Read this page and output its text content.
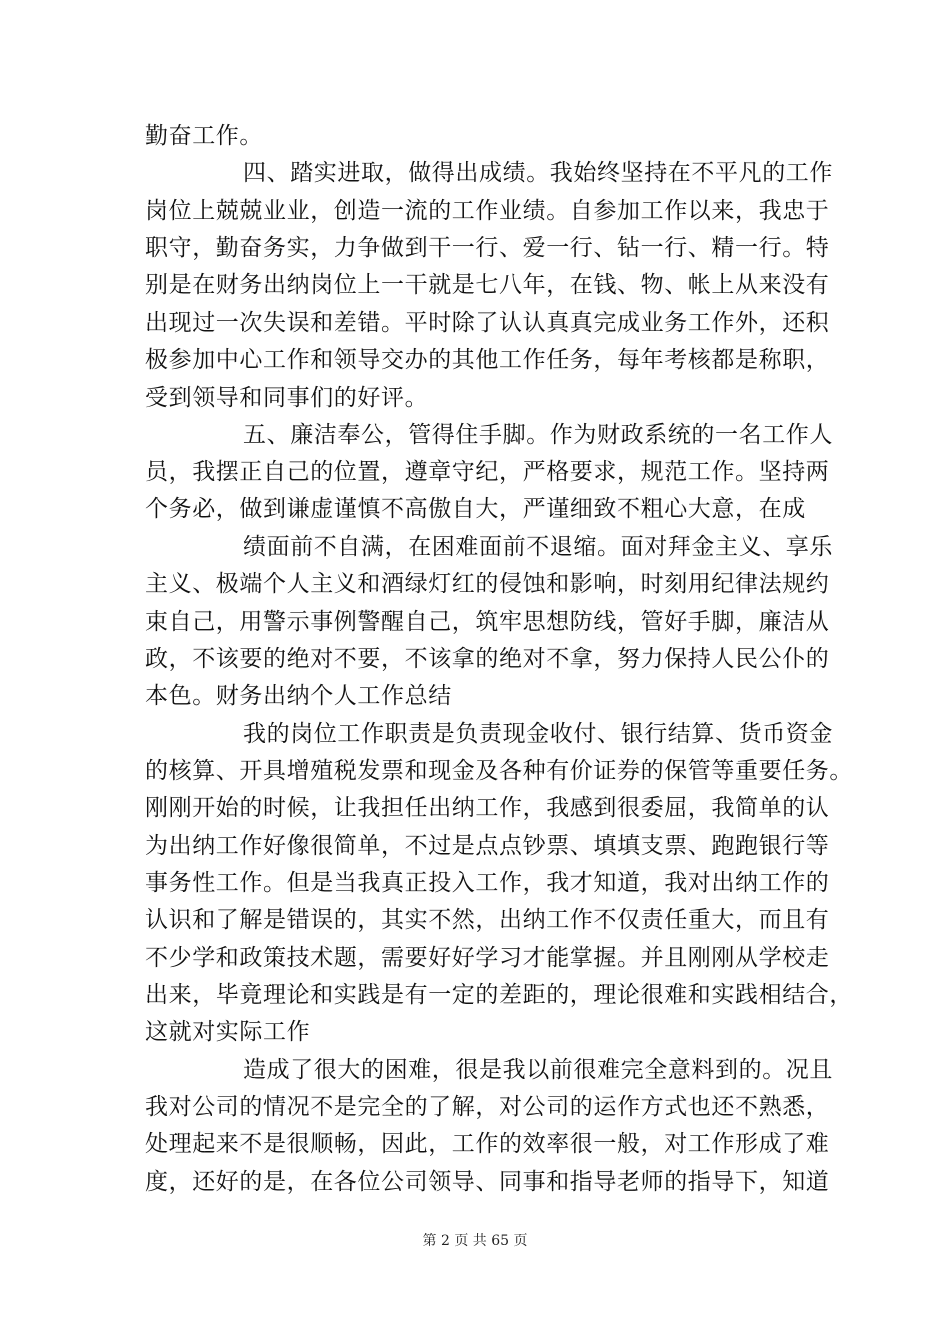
勤奋工作。
四、踏实进取，做得出成绩。我始终坚持在不平凡的工作
岗位上兢兢业业，创造一流的工作业绩。自参加工作以来，我忠于
职守，勤奋务实，力争做到干一行、爱一行、钻一行、精一行。特
别是在财务出纳岗位上一干就是七八年，在钱、物、帐上从来没有
出现过一次失误和差错。平时除了认认真真完成业务工作外，还积
极参加中心工作和领导交办的其他工作任务，每年考核都是称职，
受到领导和同事们的好评。
五、廉洁奉公，管得住手脚。作为财政系统的一名工作人
员，我摆正自己的位置，遵章守纪，严格要求，规范工作。坚持两
个务必，做到谦虚谨慎不高傲自大，严谨细致不粗心大意，在成
绩面前不自满，在困难面前不退缩。面对拜金主义、享乐
主义、极端个人主义和酒绿灯红的侵蚀和影响，时刻用纪律法规约
束自己，用警示事例警醒自己，筑牢思想防线，管好手脚，廉洁从
政，不该要的绝对不要，不该拿的绝对不拿，努力保持人民公仆的
本色。财务出纳个人工作总结
我的岗位工作职责是负责现金收付、银行结算、货币资金
的核算、开具增殖税发票和现金及各种有价证券的保管等重要任务。
刚刚开始的时候，让我担任出纳工作，我感到很委屈，我简单的认
为出纳工作好像很简单，不过是点点钞票、填填支票、跑跑银行等
事务性工作。但是当我真正投入工作，我才知道，我对出纳工作的
认识和了解是错误的，其实不然，出纳工作不仅责任重大，而且有
不少学和政策技术题，需要好好学习才能掌握。并且刚刚从学校走
出来，毕竟理论和实践是有一定的差距的，理论很难和实践相结合，
这就对实际工作
造成了很大的困难，很是我以前很难完全意料到的。况且
我对公司的情况不是完全的了解，对公司的运作方式也还不熟悉，
处理起来不是很顺畅，因此，工作的效率很一般，对工作形成了难
度，还好的是，在各位公司领导、同事和指导老师的指导下，知道
第 2 页 共 65 页
